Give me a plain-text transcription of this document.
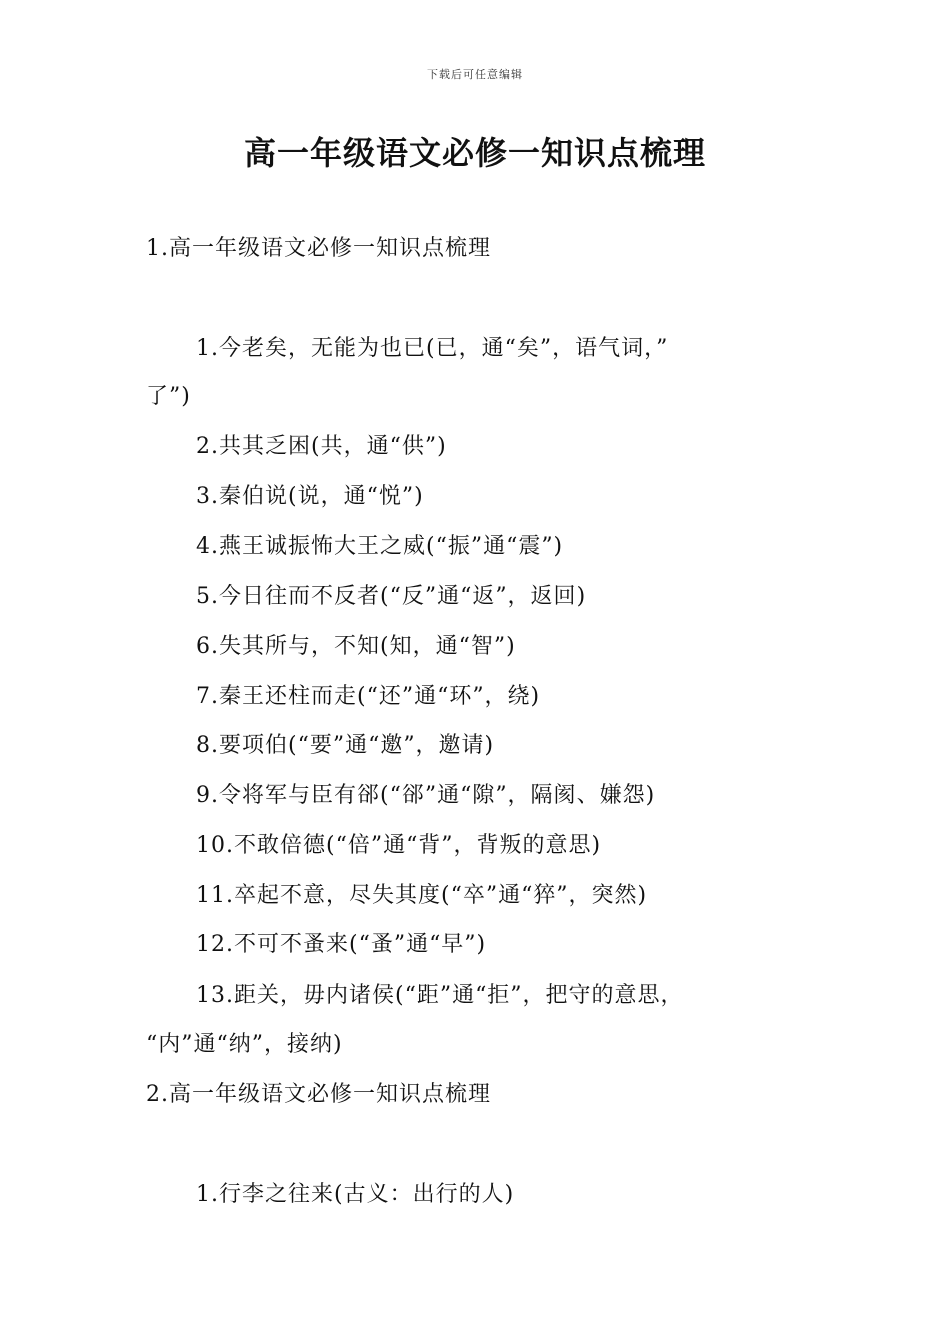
下载后可任意编辑
高一年级语文必修一知识点梳理
1.高一年级语文必修一知识点梳理
1.今老矣，无能为也已(已，通“矣”，语气词，”
了”)
2.共其乏困(共，通“供”)
3.秦伯说(说，通“悦”)
4.燕王诚振怖大王之威(“振”通“震”)
5.今日往而不反者(“反”通“返”，返回)
6.失其所与，不知(知，通“智”)
7.秦王还柱而走(“还”通“环”，绕)
8.要项伯(“要”通“邀”，邀请)
9.令将军与臣有郤(“郤”通“隙”，隔阂、嫌怨)
10.不敢倍德(“倍”通“背”，背叛的意思)
11.卒起不意，尽失其度(“卒”通“猝”，突然)
12.不可不蚤来(“蚤”通“早”)
13.距关，毋内诸侯(“距”通“拒”，把守的意思，
“内”通“纳”，接纳)
2.高一年级语文必修一知识点梳理
1.行李之往来(古义：出行的人)
